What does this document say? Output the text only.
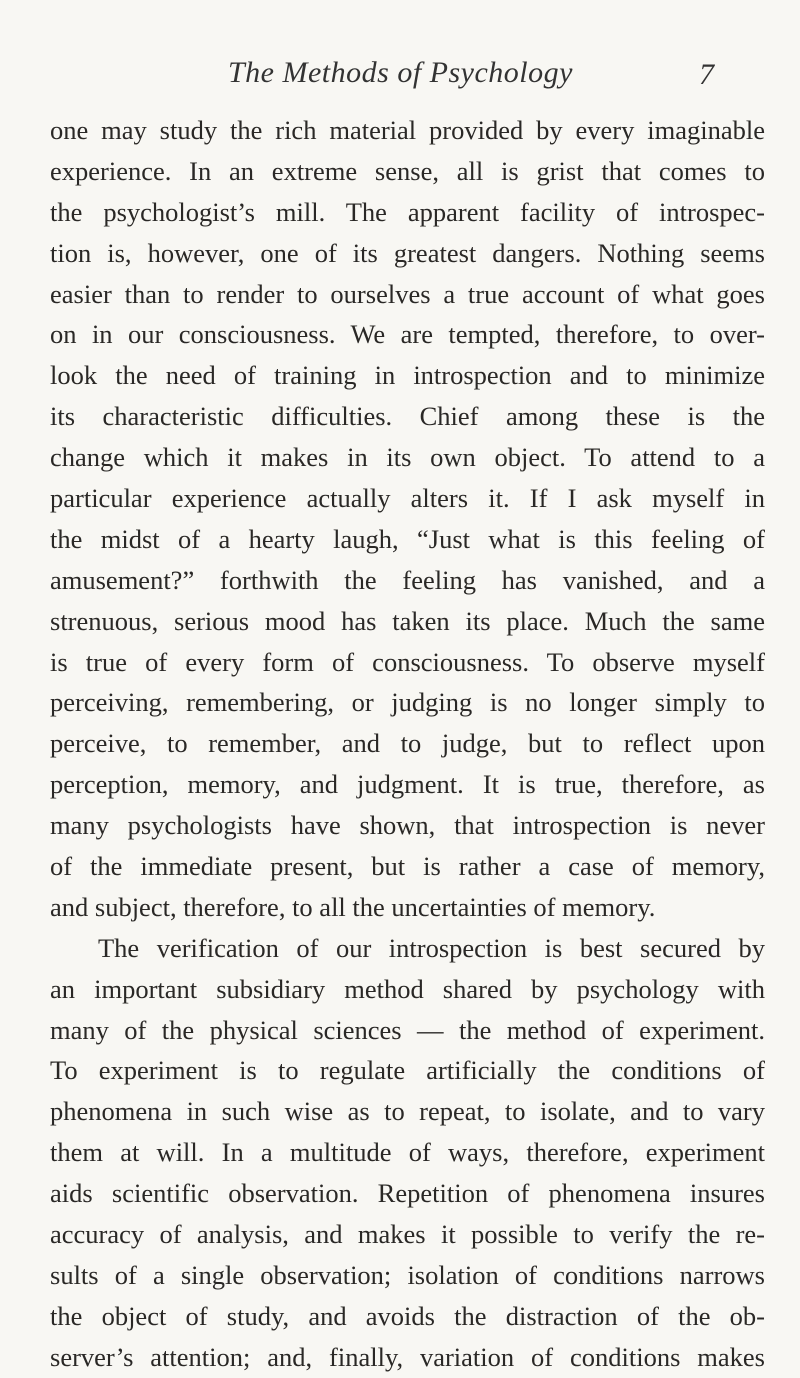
The Methods of Psychology	7
one may study the rich material provided by every imaginable
experience. In an extreme sense, all is grist that comes to
the psychologist’s mill. The apparent facility of introspec-
tion is, however, one of its greatest dangers. Nothing seems
easier than to render to ourselves a true account of what goes
on in our consciousness. We are tempted, therefore, to over-
look the need of training in introspection and to minimize
its characteristic difficulties. Chief among these is the
change which it makes in its own object. To attend to a
particular experience actually alters it. If I ask myself in
the midst of a hearty laugh, “Just what is this feeling of
amusement?” forthwith the feeling has vanished, and a
strenuous, serious mood has taken its place. Much the same
is true of every form of consciousness. To observe myself
perceiving, remembering, or judging is no longer simply to
perceive, to remember, and to judge, but to reflect upon
perception, memory, and judgment. It is true, therefore, as
many psychologists have shown, that introspection is never
of the immediate present, but is rather a case of memory,
and subject, therefore, to all the uncertainties of memory.
The verification of our introspection is best secured by
an important subsidiary method shared by psychology with
many of the physical sciences — the method of experiment.
To experiment is to regulate artificially the conditions of
phenomena in such wise as to repeat, to isolate, and to vary
them at will. In a multitude of ways, therefore, experiment
aids scientific observation. Repetition of phenomena insures
accuracy of analysis, and makes it possible to verify the re-
sults of a single observation; isolation of conditions narrows
the object of study, and avoids the distraction of the ob-
server’s attention; and, finally, variation of conditions makes
